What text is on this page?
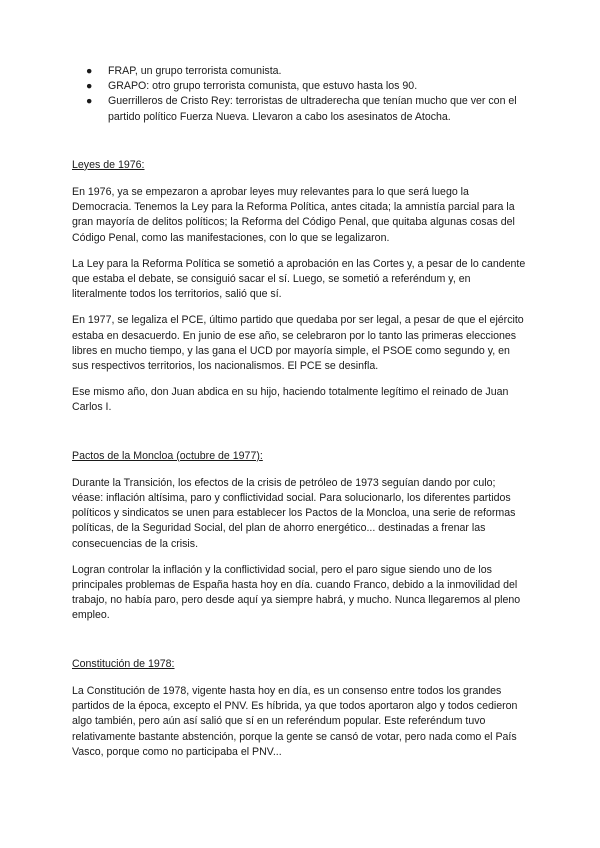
● FRAP, un grupo terrorista comunista.
● GRAPO: otro grupo terrorista comunista, que estuvo hasta los 90.
● Guerrilleros de Cristo Rey: terroristas de ultraderecha que tenían mucho que ver con el partido político Fuerza Nueva. Llevaron a cabo los asesinatos de Atocha.
Leyes de 1976:

En 1976, ya se empezaron a aprobar leyes muy relevantes para lo que será luego la Democracia. Tenemos la Ley para la Reforma Política, antes citada; la amnistía parcial para la gran mayoría de delitos políticos; la Reforma del Código Penal, que quitaba algunas cosas del Código Penal, como las manifestaciones, con lo que se legalizaron.

La Ley para la Reforma Política se sometió a aprobación en las Cortes y, a pesar de lo candente que estaba el debate, se consiguió sacar el sí. Luego, se sometió a referéndum y, en literalmente todos los territorios, salió que sí.

En 1977, se legaliza el PCE, último partido que quedaba por ser legal, a pesar de que el ejército estaba en desacuerdo. En junio de ese año, se celebraron por lo tanto las primeras elecciones libres en mucho tiempo, y las gana el UCD por mayoría simple, el PSOE como segundo y, en sus respectivos territorios, los nacionalismos. El PCE se desinfla.

Ese mismo año, don Juan abdica en su hijo, haciendo totalmente legítimo el reinado de Juan Carlos I.

Pactos de la Moncloa (octubre de 1977):

Durante la Transición, los efectos de la crisis de petróleo de 1973 seguían dando por culo; véase: inflación altísima, paro y conflictividad social. Para solucionarlo, los diferentes partidos políticos y sindicatos se unen para establecer los Pactos de la Moncloa, una serie de reformas políticas, de la Seguridad Social, del plan de ahorro energético... destinadas a frenar las consecuencias de la crisis.

Logran controlar la inflación y la conflictividad social, pero el paro sigue siendo uno de los principales problemas de España hasta hoy en día. cuando Franco, debido a la inmovilidad del trabajo, no había paro, pero desde aquí ya siempre habrá, y mucho. Nunca llegaremos al pleno empleo.

Constitución de 1978:

La Constitución de 1978, vigente hasta hoy en día, es un consenso entre todos los grandes partidos de la época, excepto el PNV. Es híbrida, ya que todos aportaron algo y todos cedieron algo también, pero aún así salió que sí en un referéndum popular. Este referéndum tuvo relativamente bastante abstención, porque la gente se cansó de votar, pero nada como el País Vasco, porque como no participaba el PNV...
